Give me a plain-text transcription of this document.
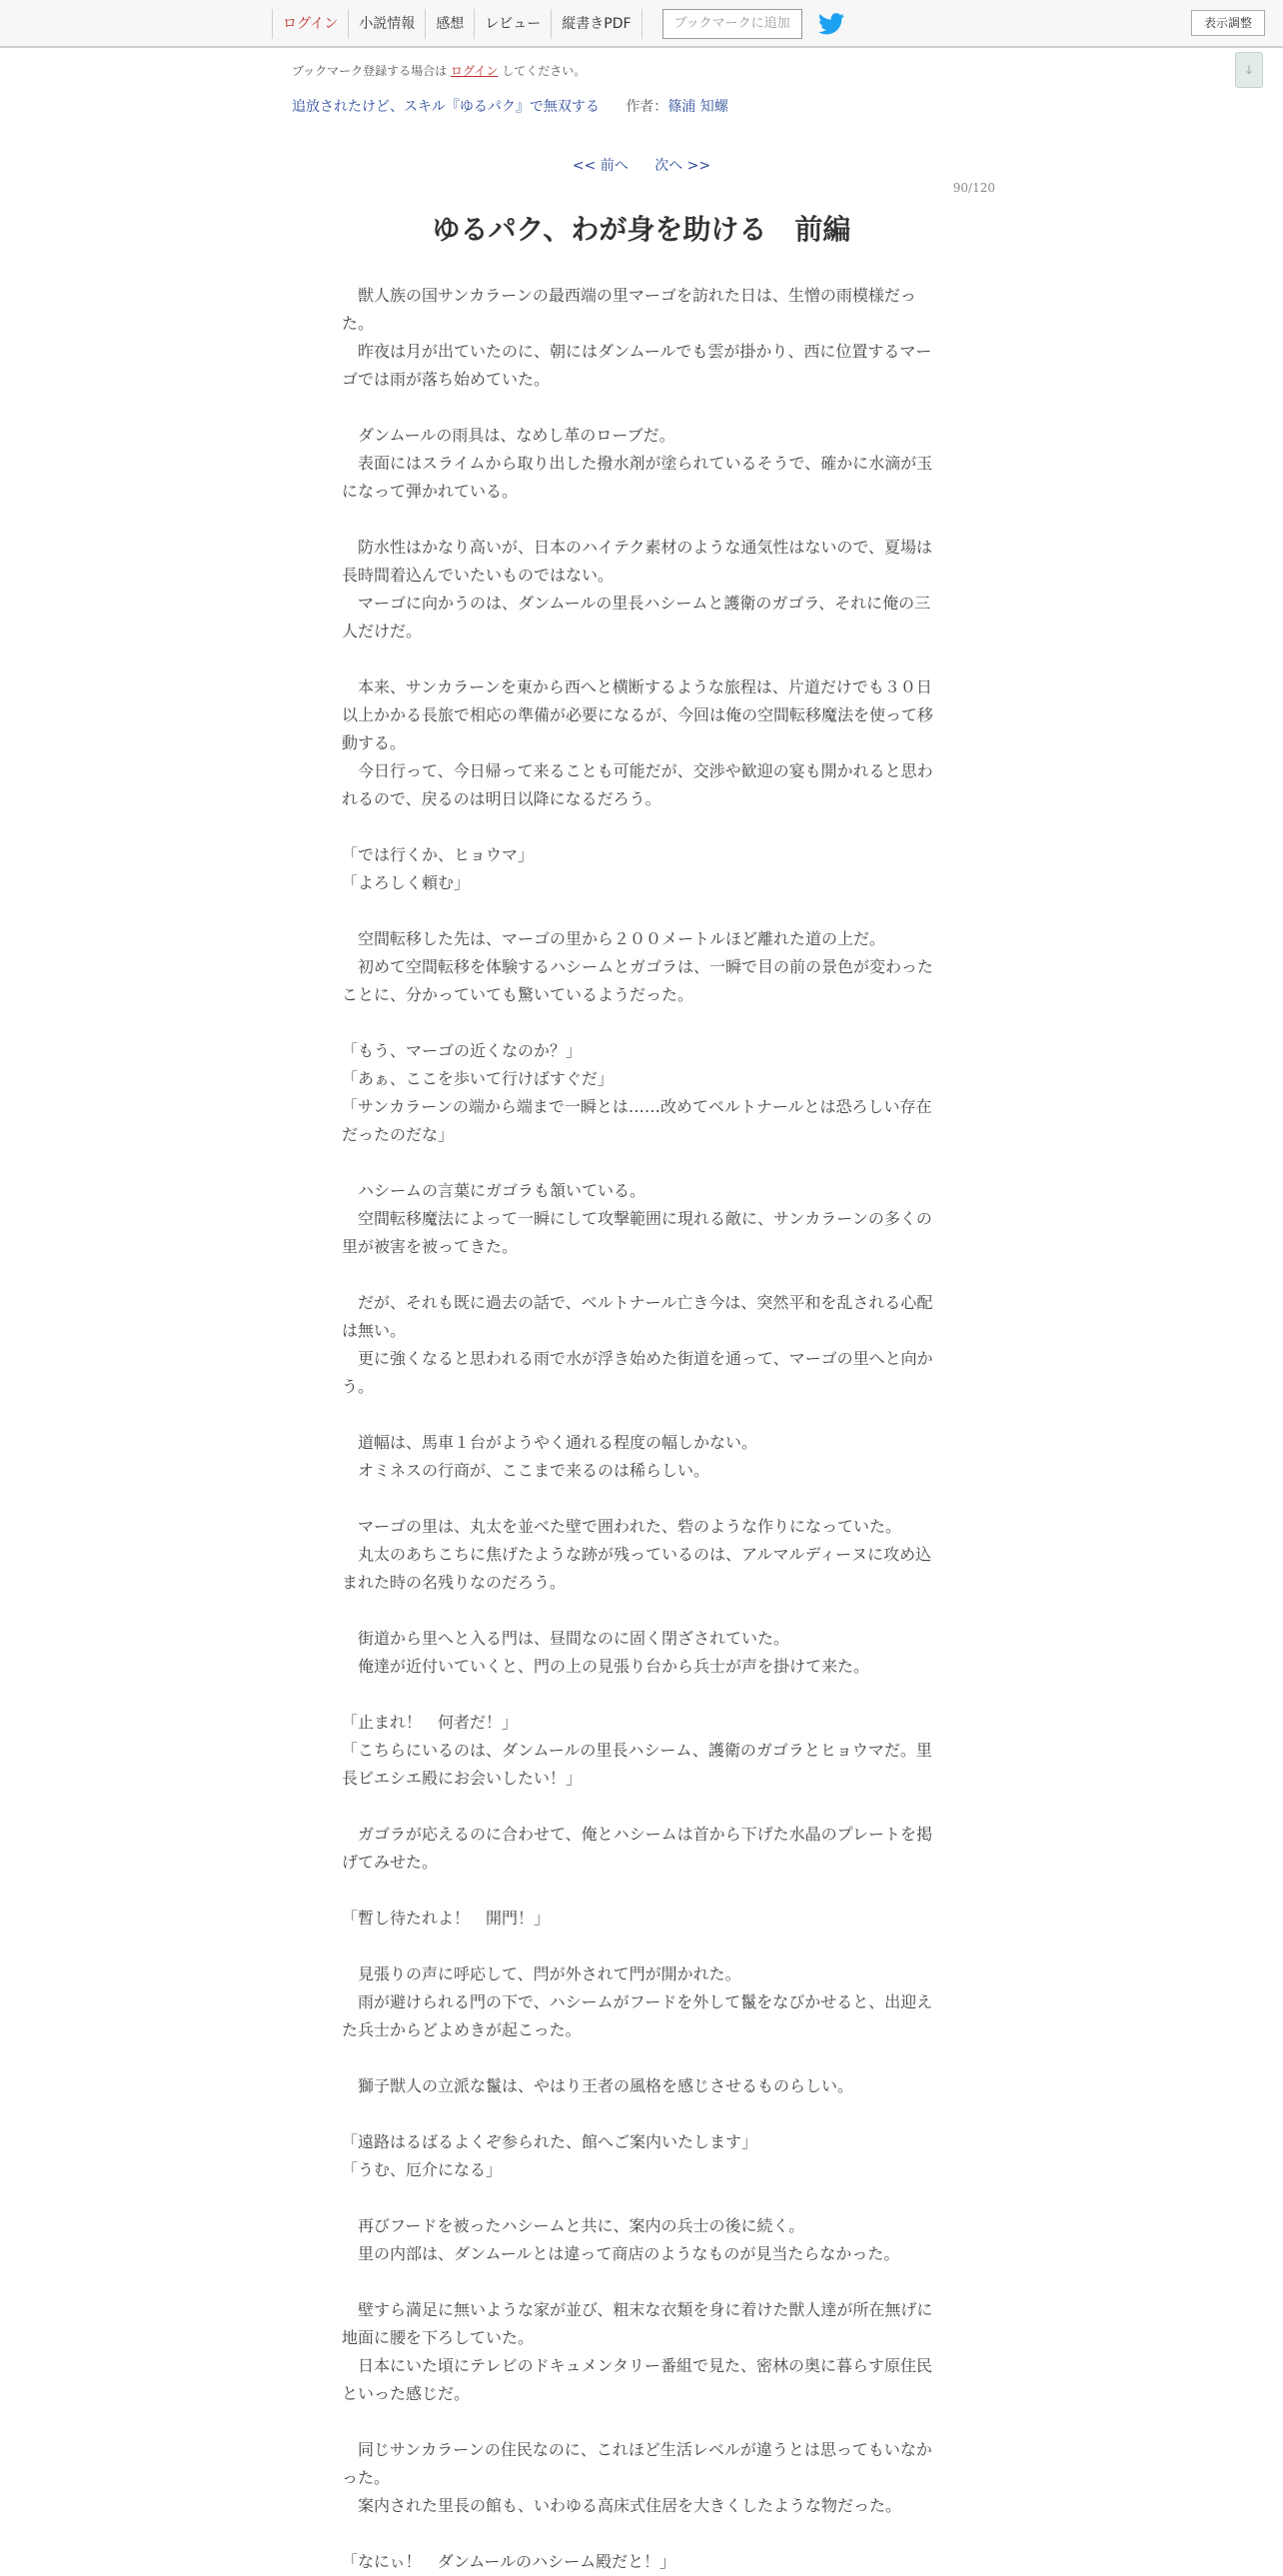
ログイン	小説情報	感想	レビュー	縦書きPDF	ブックマークに追加	表示調整
↓
ブックマーク登録する場合は ログイン してください。
追放されたけど、スキル『ゆるパク』で無双する 作者：篠浦 知螺
<< 前へ 次へ >>
90/120
ゆるパク、わが身を助ける　前編

　獣人族の国サンカラーンの最西端の里マーゴを訪れた日は、生憎の雨模様だった。

　昨夜は月が出ていたのに、朝にはダンムールでも雲が掛かり、西に位置するマーゴでは雨が落ち始めていた。

　ダンムールの雨具は、なめし革のローブだ。

　表面にはスライムから取り出した撥水剤が塗られているそうで、確かに水滴が玉になって弾かれている。

　防水性はかなり高いが、日本のハイテク素材のような通気性はないので、夏場は長時間着込んでいたいものではない。

　マーゴに向かうのは、ダンムールの里長ハシームと護衛のガゴラ、それに俺の三人だけだ。

　本来、サンカラーンを東から西へと横断するような旅程は、片道だけでも３０日以上かかる長旅で相応の準備が必要になるが、今回は俺の空間転移魔法を使って移動する。

　今日行って、今日帰って来ることも可能だが、交渉や歓迎の宴も開かれると思われるので、戻るのは明日以降になるだろう。

「では行くか、ヒョウマ」

「よろしく頼む」

　空間転移した先は、マーゴの里から２００メートルほど離れた道の上だ。

　初めて空間転移を体験するハシームとガゴラは、一瞬で目の前の景色が変わったことに、分かっていても驚いているようだった。

「もう、マーゴの近くなのか？」

「あぁ、ここを歩いて行けばすぐだ」

「サンカラーンの端から端まで一瞬とは……改めてベルトナールとは恐ろしい存在だったのだな」

　ハシームの言葉にガゴラも頷いている。

　空間転移魔法によって一瞬にして攻撃範囲に現れる敵に、サンカラーンの多くの里が被害を被ってきた。

　だが、それも既に過去の話で、ベルトナール亡き今は、突然平和を乱される心配は無い。

　更に強くなると思われる雨で水が浮き始めた街道を通って、マーゴの里へと向かう。

　道幅は、馬車１台がようやく通れる程度の幅しかない。

　オミネスの行商が、ここまで来るのは稀らしい。

　マーゴの里は、丸太を並べた壁で囲われた、砦のような作りになっていた。

　丸太のあちこちに焦げたような跡が残っているのは、アルマルディーヌに攻め込まれた時の名残りなのだろう。

　街道から里へと入る門は、昼間なのに固く閉ざされていた。

　俺達が近付いていくと、門の上の見張り台から兵士が声を掛けて来た。

「止まれ！　何者だ！」

「こちらにいるのは、ダンムールの里長ハシーム、護衛のガゴラとヒョウマだ。里長ビエシエ殿にお会いしたい！」

　ガゴラが応えるのに合わせて、俺とハシームは首から下げた水晶のプレートを掲げてみせた。

「暫し待たれよ！　開門！」

　見張りの声に呼応して、閂が外されて門が開かれた。

　雨が避けられる門の下で、ハシームがフードを外して鬣をなびかせると、出迎えた兵士からどよめきが起こった。

　獅子獣人の立派な鬣は、やはり王者の風格を感じさせるものらしい。

「遠路はるばるよくぞ参られた、館へご案内いたします」

「うむ、厄介になる」

　再びフードを被ったハシームと共に、案内の兵士の後に続く。

　里の内部は、ダンムールとは違って商店のようなものが見当たらなかった。

　壁すら満足に無いような家が並び、粗末な衣類を身に着けた獣人達が所在無げに地面に腰を下ろしていた。

　日本にいた頃にテレビのドキュメンタリー番組で見た、密林の奥に暮らす原住民といった感じだ。

　同じサンカラーンの住民なのに、これほど生活レベルが違うとは思ってもいなかった。

　案内された里長の館も、いわゆる高床式住居を大きくしたような物だった。

「なにぃ！　ダンムールのハシーム殿だと！」
